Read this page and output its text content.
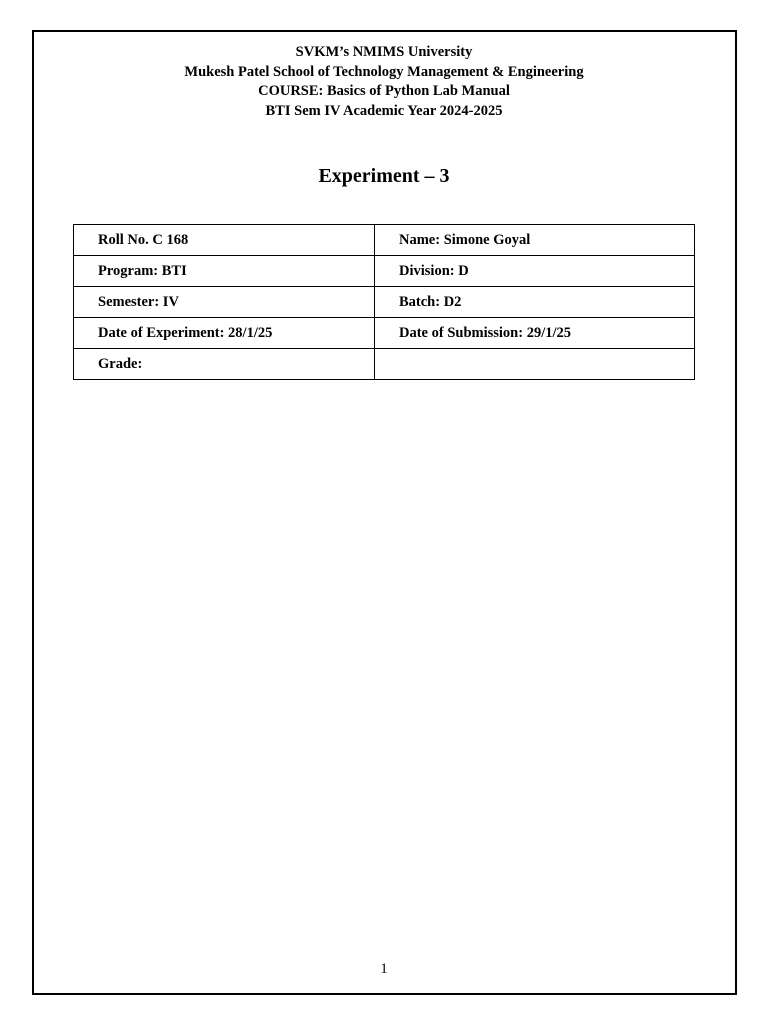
SVKM’s NMIMS University
Mukesh Patel School of Technology Management & Engineering
COURSE: Basics of Python Lab Manual
BTI Sem IV Academic Year 2024-2025
Experiment – 3
Roll No. C 168	Name: Simone Goyal
Program: BTI	Division: D
Semester: IV	Batch: D2
Date of Experiment: 28/1/25	Date of Submission: 29/1/25
Grade:	
1
